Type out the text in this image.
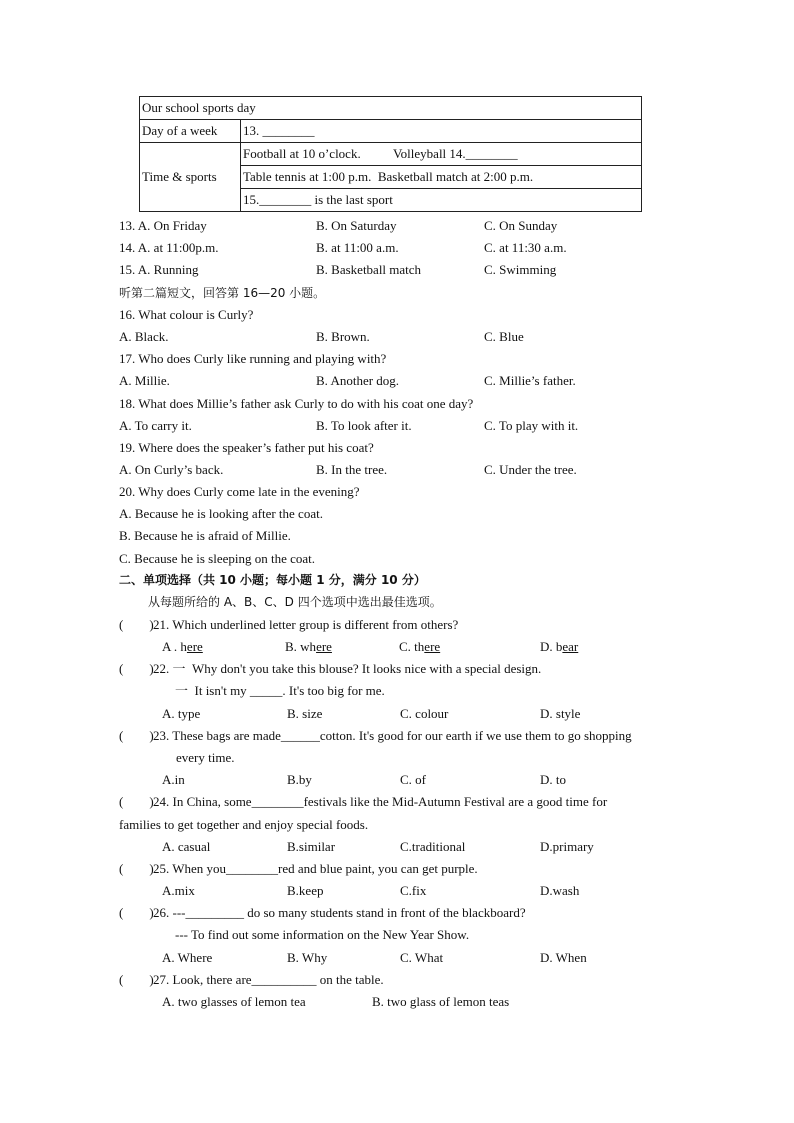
Our school sports day	
Day of a week	13. ________
Time & sports	Football at 10 o’clock.          Volleyball 14.________
	Table tennis at 1:00 p.m.  Basketball match at 2:00 p.m.
	15.________ is the last sport
13. A. On Friday	B. On Saturday	C. On Sunday
14. A. at 11:00p.m.	B. at 11:00 a.m.	C. at 11:30 a.m.
15. A. Running	B. Basketball match	C. Swimming
听第二篇短文，回答第 16—20 小题。
16. What colour is Curly?
A. Black.	B. Brown.	C. Blue
17. Who does Curly like running and playing with?
A. Millie.	B. Another dog.	C. Millie’s father.
18. What does Millie’s father ask Curly to do with his coat one day?
A. To carry it.	B. To look after it.	C. To play with it.
19. Where does the speaker’s father put his coat?
A. On Curly’s back.	B. In the tree.	C. Under the tree.
20. Why does Curly come late in the evening?
A. Because he is looking after the coat.
B. Because he is afraid of Millie.
C. Because he is sleeping on the coat.
二、单项选择（共 10 小题；每小题 1 分，满分 10 分）
从每题所给的 A、B、C、D 四个选项中选出最佳选项。
(        ) 21. Which underlined letter group is different from others?
A . here	B. where	C. there	D. bear
(        ) 22. 一  Why don't you take this blouse? It looks nice with a special design.
一  It isn't my _____. It's too big for me.
A. type	B. size	C. colour	D. style
(        ) 23. These bags are made______cotton. It's good for our earth if we use them to go shopping
every time.
A.in	B.by	C. of	D. to
(        ) 24. In China, some________festivals like the Mid-Autumn Festival are a good time for
families to get together and enjoy special foods.
A. casual	B.similar	C.traditional	D.primary
(        ) 25. When you________red and blue paint, you can get purple.
A.mix	B.keep	C.fix	D.wash
(        ) 26. ---_________ do so many students stand in front of the blackboard?
--- To find out some information on the New Year Show.
A. Where	B. Why	C. What	D. When
(        ) 27. Look, there are__________ on the table.
A. two glasses of lemon tea	B. two glass of lemon teas
